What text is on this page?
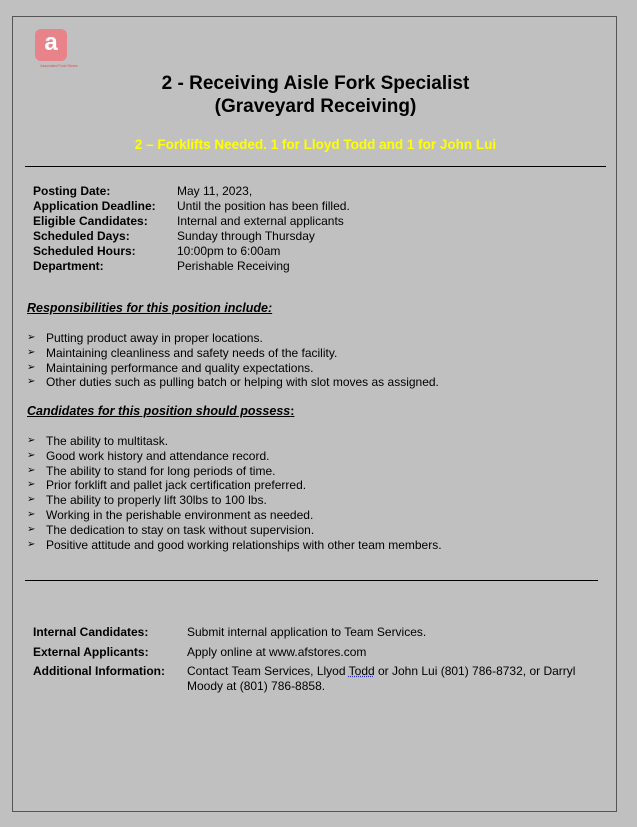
a
Associated Food Stores
2 - Receiving Aisle Fork Specialist
(Graveyard Receiving)
2 – Forklifts Needed. 1 for Lloyd Todd and 1 for John Lui
Posting Date:	May 11, 2023,
Application Deadline:	Until the position has been filled.
Eligible Candidates:	Internal and external applicants
Scheduled Days:	Sunday through Thursday
Scheduled Hours:	10:00pm to 6:00am
Department:	Perishable Receiving
Responsibilities for this position include:
➢ Putting product away in proper locations.
➢ Maintaining cleanliness and safety needs of the facility.
➢ Maintaining performance and quality expectations.
➢ Other duties such as pulling batch or helping with slot moves as assigned.
Candidates for this position should possess:
➢ The ability to multitask.
➢ Good work history and attendance record.
➢ The ability to stand for long periods of time.
➢ Prior forklift and pallet jack certification preferred.
➢ The ability to properly lift 30lbs to 100 lbs.
➢ Working in the perishable environment as needed.
➢ The dedication to stay on task without supervision.
➢ Positive attitude and good working relationships with other team members.
Internal Candidates:	Submit internal application to Team Services.
External Applicants:	Apply online at www.afstores.com
Additional Information:	Contact Team Services, Llyod Todd or John Lui (801) 786-8732, or Darryl Moody at (801) 786-8858.
